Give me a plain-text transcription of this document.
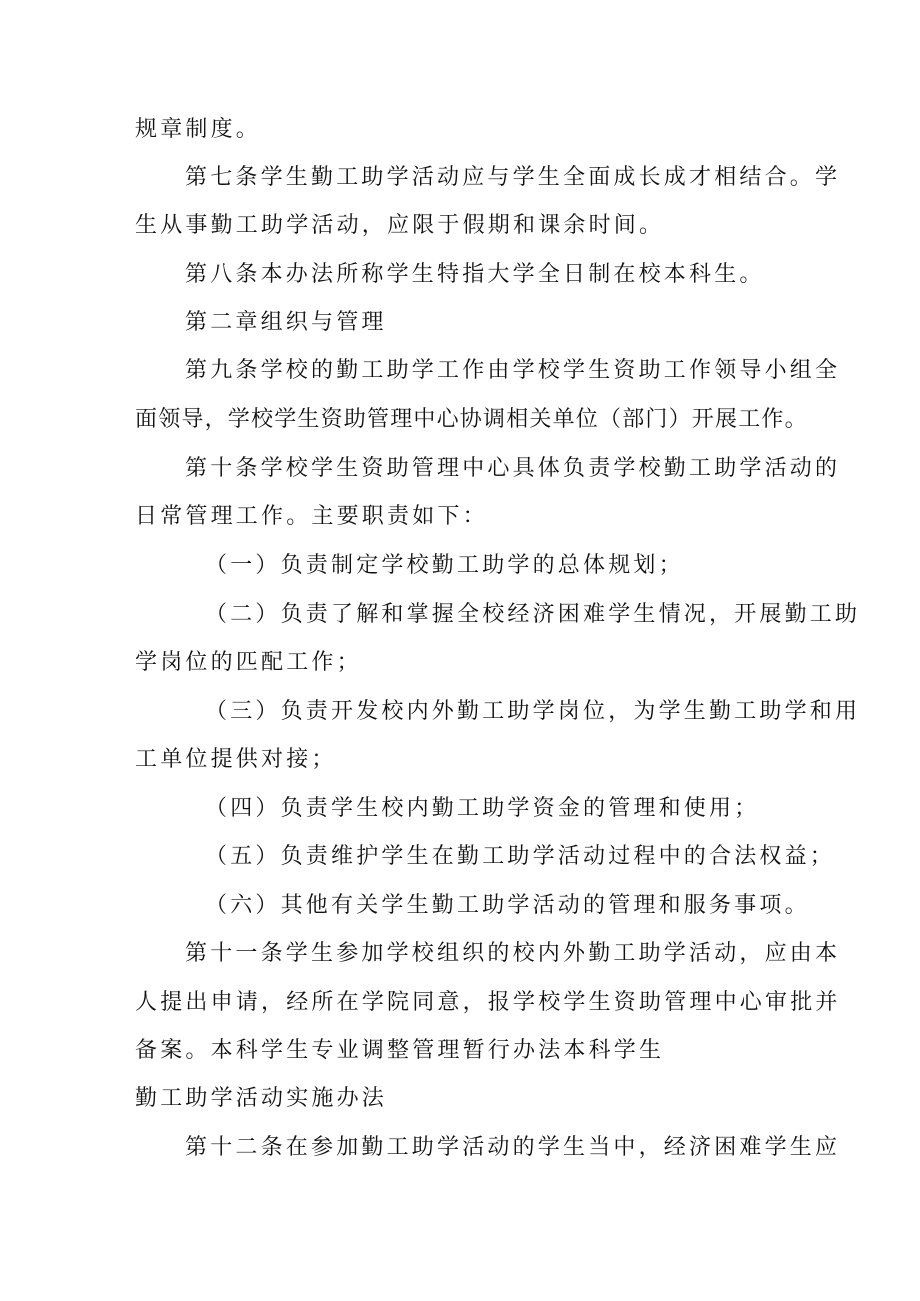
规章制度。
第七条学生勤工助学活动应与学生全面成长成才相结合。学
生从事勤工助学活动，应限于假期和课余时间。
第八条本办法所称学生特指大学全日制在校本科生。
第二章组织与管理
第九条学校的勤工助学工作由学校学生资助工作领导小组全
面领导，学校学生资助管理中心协调相关单位（部门）开展工作。
第十条学校学生资助管理中心具体负责学校勤工助学活动的
日常管理工作。主要职责如下：
（一）负责制定学校勤工助学的总体规划；
（二）负责了解和掌握全校经济困难学生情况，开展勤工助
学岗位的匹配工作；
（三）负责开发校内外勤工助学岗位，为学生勤工助学和用
工单位提供对接；
（四）负责学生校内勤工助学资金的管理和使用；
（五）负责维护学生在勤工助学活动过程中的合法权益；
（六）其他有关学生勤工助学活动的管理和服务事项。
第十一条学生参加学校组织的校内外勤工助学活动，应由本
人提出申请，经所在学院同意，报学校学生资助管理中心审批并
备案。本科学生专业调整管理暂行办法本科学生
勤工助学活动实施办法
第十二条在参加勤工助学活动的学生当中，经济困难学生应
